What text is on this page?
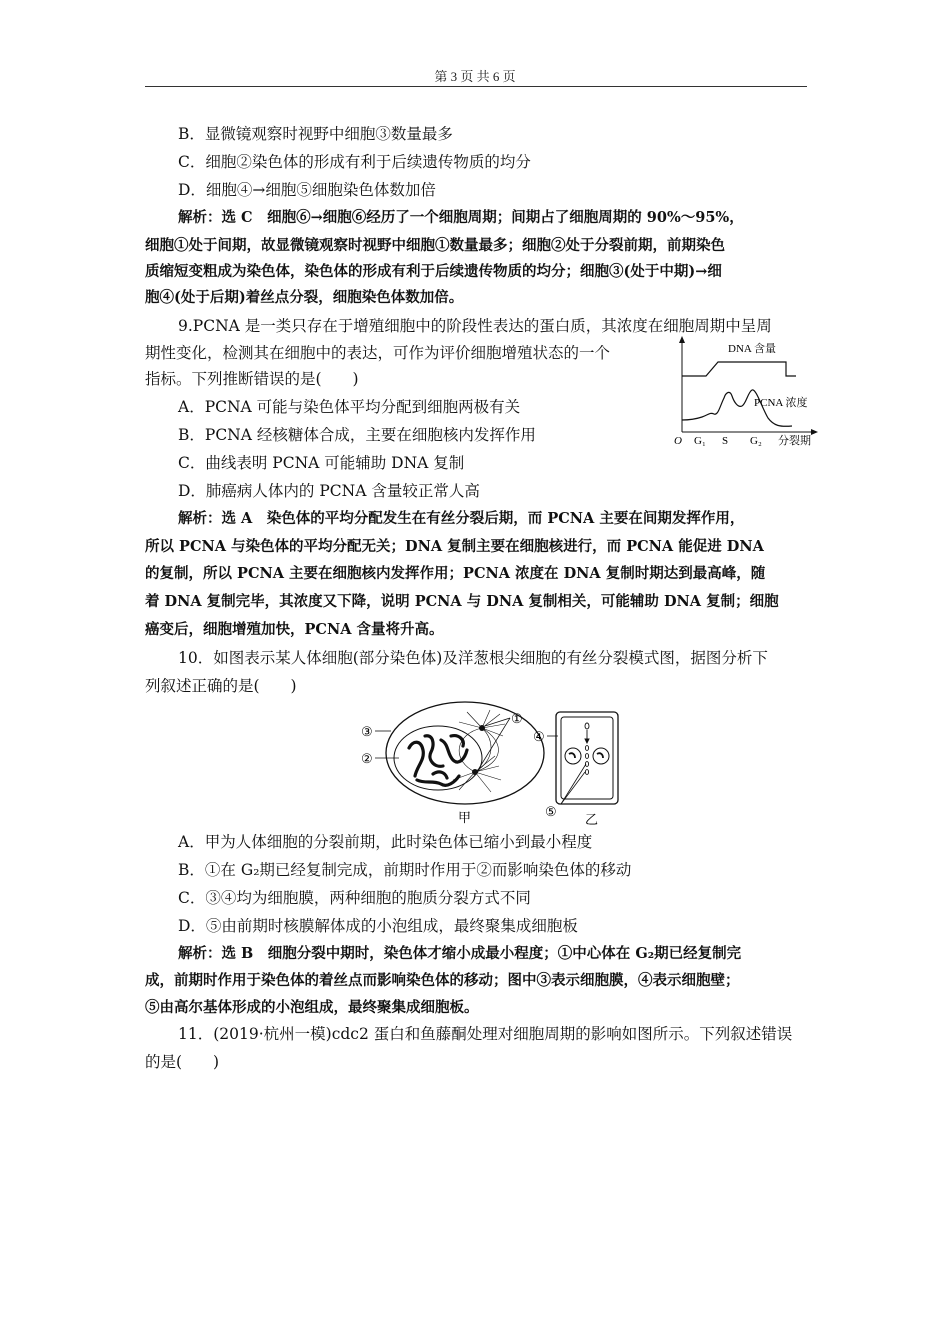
第 3 页 共 6 页
B．显微镜观察时视野中细胞③数量最多
C．细胞②染色体的形成有利于后续遗传物质的均分
D．细胞④→细胞⑤细胞染色体数加倍
解析：选 C　细胞⑥→细胞⑥经历了一个细胞周期；间期占了细胞周期的 90%～95%，
细胞①处于间期，故显微镜观察时视野中细胞①数量最多；细胞②处于分裂前期，前期染色
质缩短变粗成为染色体，染色体的形成有利于后续遗传物质的均分；细胞③(处于中期)→细
胞④(处于后期)着丝点分裂，细胞染色体数加倍。
9.PCNA 是一类只存在于增殖细胞中的阶段性表达的蛋白质，其浓度在细胞周期中呈周
期性变化，检测其在细胞中的表达，可作为评价细胞增殖状态的一个
指标。下列推断错误的是(　　)
A．PCNA 可能与染色体平均分配到细胞两极有关
B．PCNA 经核糖体合成，主要在细胞核内发挥作用
C．曲线表明 PCNA 可能辅助 DNA 复制
D．肺癌病人体内的 PCNA 含量较正常人高
DNA 含量
PCNA 浓度
O G₁ S G₂ 分裂期
解析：选 A　染色体的平均分配发生在有丝分裂后期，而 PCNA 主要在间期发挥作用，
所以 PCNA 与染色体的平均分配无关；DNA 复制主要在细胞核进行，而 PCNA 能促进 DNA
的复制，所以 PCNA 主要在细胞核内发挥作用；PCNA 浓度在 DNA 复制时期达到最高峰，随
着 DNA 复制完毕，其浓度又下降，说明 PCNA 与 DNA 复制相关，可能辅助 DNA 复制；细胞
癌变后，细胞增殖加快，PCNA 含量将升高。
10．如图表示某人体细胞(部分染色体)及洋葱根尖细胞的有丝分裂模式图，据图分析下
列叙述正确的是(　　)
③
②
①
甲
④
⑤
乙
A．甲为人体细胞的分裂前期，此时染色体已缩小到最小程度
B．①在 G₂期已经复制完成，前期时作用于②而影响染色体的移动
C．③④均为细胞膜，两种细胞的胞质分裂方式不同
D．⑤由前期时核膜解体成的小泡组成，最终聚集成细胞板
解析：选 B　细胞分裂中期时，染色体才缩小成最小程度；①中心体在 G₂期已经复制完
成，前期时作用于染色体的着丝点而影响染色体的移动；图中③表示细胞膜，④表示细胞壁；
⑤由高尔基体形成的小泡组成，最终聚集成细胞板。
11．(2019·杭州一模)cdc2 蛋白和鱼藤酮处理对细胞周期的影响如图所示。下列叙述错误
的是(　　)
